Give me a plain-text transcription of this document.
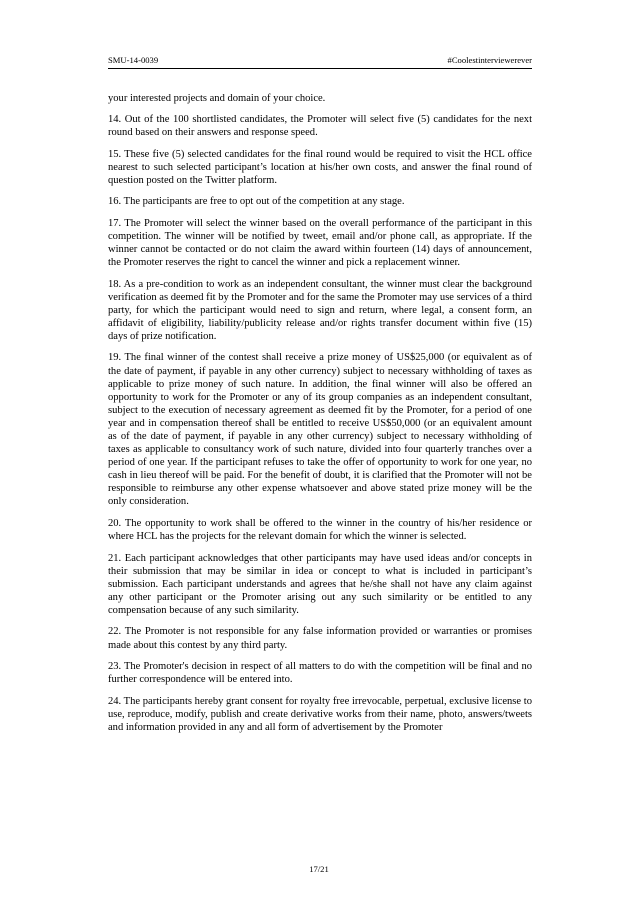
SMU-14-0039	#Coolestinterviewerever

your interested projects and domain of your choice.

14. Out of the 100 shortlisted candidates, the Promoter will select five (5) candidates for the next round based on their answers and response speed.

15. These five (5) selected candidates for the final round would be required to visit the HCL office nearest to such selected participant’s location at his/her own costs, and answer the final round of question posted on the Twitter platform.

16. The participants are free to opt out of the competition at any stage.

17. The Promoter will select the winner based on the overall performance of the participant in this competition. The winner will be notified by tweet, email and/or phone call, as appropriate. If the winner cannot be contacted or do not claim the award within fourteen (14) days of announcement, the Promoter reserves the right to cancel the winner and pick a replacement winner.

18. As a pre-condition to work as an independent consultant, the winner must clear the background verification as deemed fit by the Promoter and for the same the Promoter may use services of a third party, for which the participant would need to sign and return, where legal, a consent form, an affidavit of eligibility, liability/publicity release and/or rights transfer document within five (15) days of prize notification.

19. The final winner of the contest shall receive a prize money of US$25,000 (or equivalent as of the date of payment, if payable in any other currency) subject to necessary withholding of taxes as applicable to prize money of such nature. In addition, the final winner will also be offered an opportunity to work for the Promoter or any of its group companies as an independent consultant, subject to the execution of necessary agreement as deemed fit by the Promoter, for a period of one year and in compensation thereof shall be entitled to receive US$50,000 (or an equivalent amount as of the date of payment, if payable in any other currency) subject to necessary withholding of taxes as applicable to consultancy work of such nature, divided into four quarterly tranches over a period of one year. If the participant refuses to take the offer of opportunity to work for one year, no cash in lieu thereof will be paid. For the benefit of doubt, it is clarified that the Promoter will not be responsible to reimburse any other expense whatsoever and above stated prize money will be the only consideration.

20. The opportunity to work shall be offered to the winner in the country of his/her residence or where HCL has the projects for the relevant domain for which the winner is selected.

21. Each participant acknowledges that other participants may have used ideas and/or concepts in their submission that may be similar in idea or concept to what is included in participant’s submission. Each participant understands and agrees that he/she shall not have any claim against any other participant or the Promoter arising out any such similarity or be entitled to any compensation because of any such similarity.

22. The Promoter is not responsible for any false information provided or warranties or promises made about this contest by any third party.

23. The Promoter's decision in respect of all matters to do with the competition will be final and no further correspondence will be entered into.

24. The participants hereby grant consent for royalty free irrevocable, perpetual, exclusive license to use, reproduce, modify, publish and create derivative works from their name, photo, answers/tweets and information provided in any and all form of advertisement by the Promoter

17/21
